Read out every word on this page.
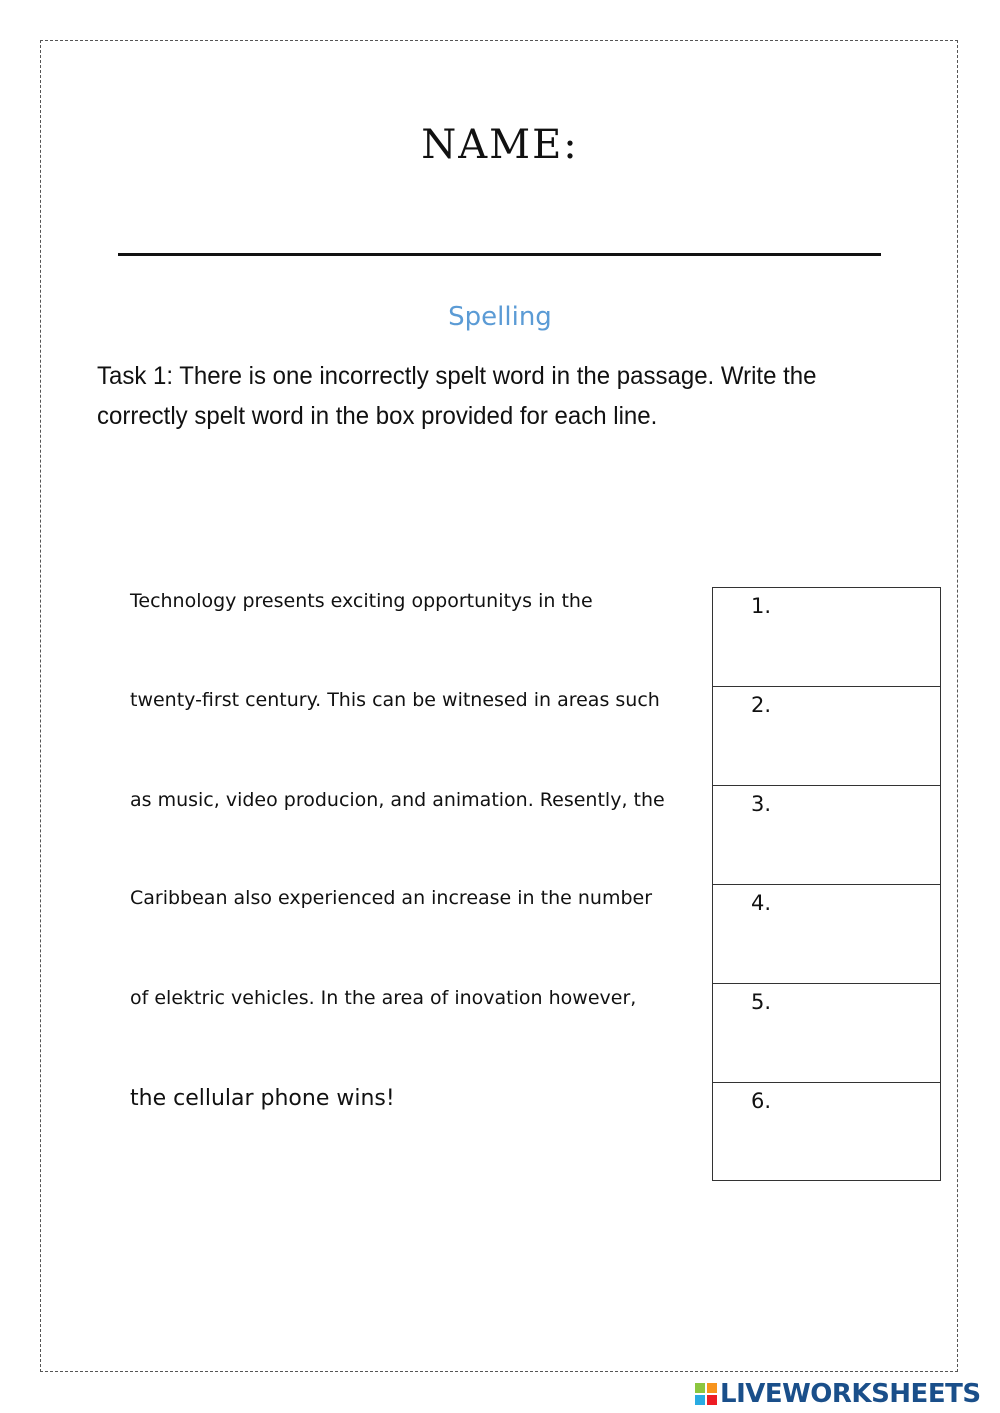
NAME:
Spelling
Task 1: There is one incorrectly spelt word in the passage. Write the
correctly spelt word in the box provided for each line.
Technology presents exciting opportunitys in the
twenty-first century. This can be witnesed in areas such
as music, video producion, and animation. Resently, the
Caribbean also experienced an increase in the number
of elektric vehicles. In the area of inovation however,
the cellular phone wins!
1.
2.
3.
4.
5.
6.
LIVEWORKSHEETS
